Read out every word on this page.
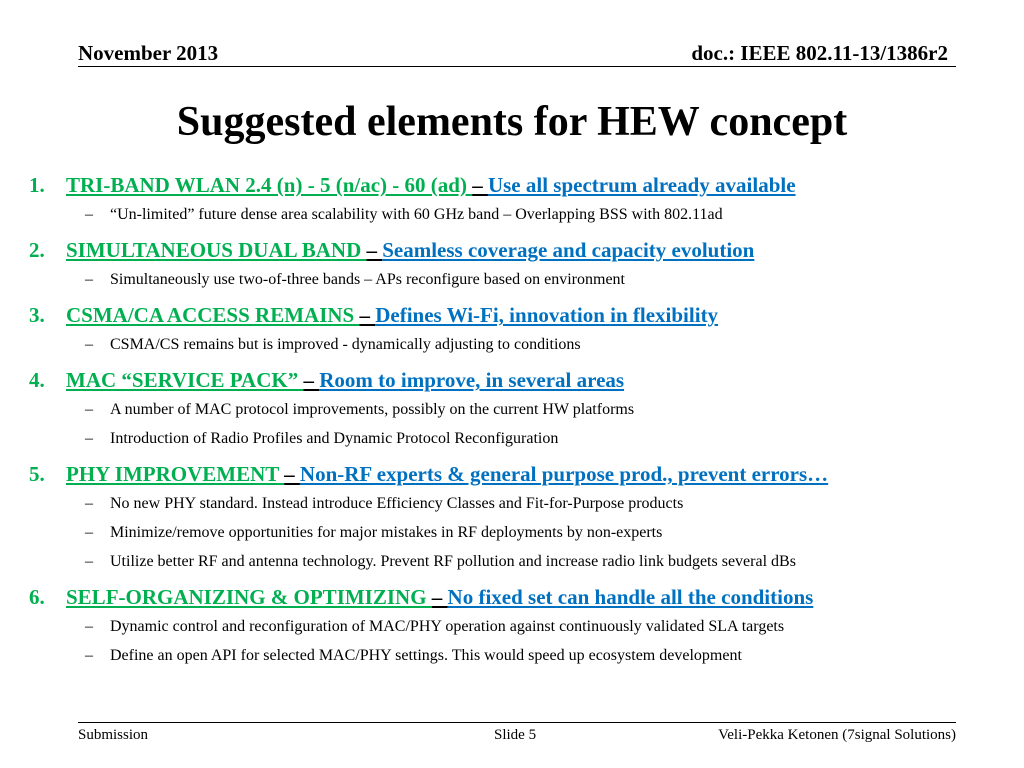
November 2013	doc.: IEEE 802.11-13/1386r2
Suggested elements for HEW concept
1. TRI-BAND WLAN 2.4 (n) - 5 (n/ac) - 60 (ad) – Use all spectrum already available
– “Un-limited” future dense area scalability with 60 GHz band – Overlapping BSS with 802.11ad
2. SIMULTANEOUS DUAL BAND – Seamless coverage and capacity evolution
– Simultaneously use two-of-three bands – APs reconfigure based on environment
3. CSMA/CA ACCESS REMAINS – Defines Wi-Fi, innovation in flexibility
– CSMA/CS remains but is improved - dynamically adjusting to conditions
4. MAC “SERVICE PACK” – Room to improve, in several areas
– A number of MAC protocol improvements, possibly on the current HW platforms
– Introduction of Radio Profiles and Dynamic Protocol Reconfiguration
5. PHY IMPROVEMENT – Non-RF experts & general purpose prod., prevent errors…
– No new PHY standard. Instead introduce Efficiency Classes and Fit-for-Purpose products
– Minimize/remove opportunities for major mistakes in RF deployments by non-experts
– Utilize better RF and antenna technology. Prevent RF pollution and increase radio link budgets several dBs
6. SELF-ORGANIZING & OPTIMIZING – No fixed set can handle all the conditions
– Dynamic control and reconfiguration of MAC/PHY operation against continuously validated SLA targets
– Define an open API for selected MAC/PHY settings. This would speed up ecosystem development
Submission	Slide 5	Veli-Pekka Ketonen (7signal Solutions)
